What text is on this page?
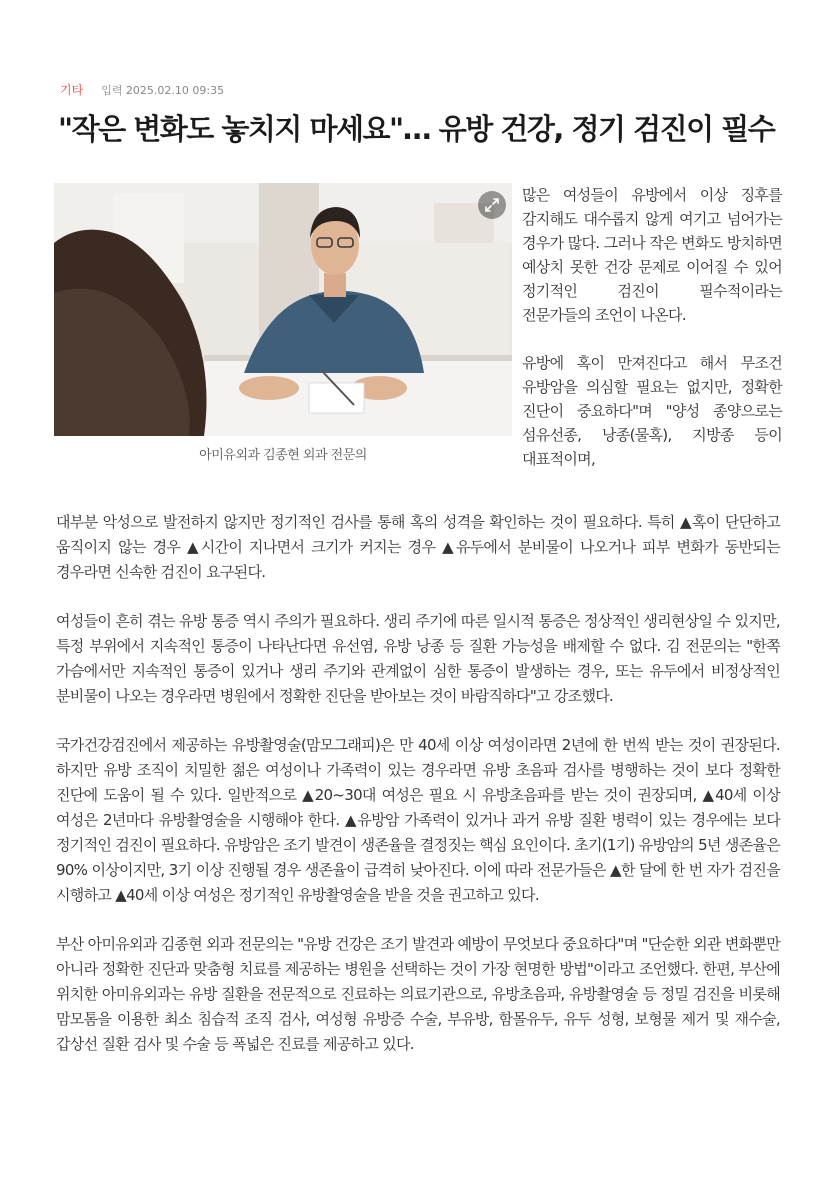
기타 입력 2025.02.10 09:35
"작은 변화도 놓치지 마세요"… 유방 건강, 정기 검진이 필수
아미유외과 김종현 외과 전문의

많은 여성들이 유방에서 이상 징후를 감지해도 대수롭지 않게 여기고 넘어가는 경우가 많다. 그러나 작은 변화도 방치하면 예상치 못한 건강 문제로 이어질 수 있어 정기적인 검진이 필수적이라는 전문가들의 조언이 나온다.

유방에 혹이 만져진다고 해서 무조건 유방암을 의심할 필요는 없지만, 정확한 진단이 중요하다"며 "양성 종양으로는 섬유선종, 낭종(물혹), 지방종 등이 대표적이며,

대부분 악성으로 발전하지 않지만 정기적인 검사를 통해 혹의 성격을 확인하는 것이 필요하다. 특히 ▲혹이 단단하고 움직이지 않는 경우 ▲시간이 지나면서 크기가 커지는 경우 ▲유두에서 분비물이 나오거나 피부 변화가 동반되는 경우라면 신속한 검진이 요구된다.

여성들이 흔히 겪는 유방 통증 역시 주의가 필요하다. 생리 주기에 따른 일시적 통증은 정상적인 생리현상일 수 있지만, 특정 부위에서 지속적인 통증이 나타난다면 유선염, 유방 낭종 등 질환 가능성을 배제할 수 없다. 김 전문의는 "한쪽 가슴에서만 지속적인 통증이 있거나 생리 주기와 관계없이 심한 통증이 발생하는 경우, 또는 유두에서 비정상적인 분비물이 나오는 경우라면 병원에서 정확한 진단을 받아보는 것이 바람직하다"고 강조했다.

국가건강검진에서 제공하는 유방촬영술(맘모그래피)은 만 40세 이상 여성이라면 2년에 한 번씩 받는 것이 권장된다. 하지만 유방 조직이 치밀한 젊은 여성이나 가족력이 있는 경우라면 유방 초음파 검사를 병행하는 것이 보다 정확한 진단에 도움이 될 수 있다. 일반적으로 ▲20~30대 여성은 필요 시 유방초음파를 받는 것이 권장되며, ▲40세 이상 여성은 2년마다 유방촬영술을 시행해야 한다. ▲유방암 가족력이 있거나 과거 유방 질환 병력이 있는 경우에는 보다 정기적인 검진이 필요하다. 유방암은 조기 발견이 생존율을 결정짓는 핵심 요인이다. 초기(1기) 유방암의 5년 생존율은 90% 이상이지만, 3기 이상 진행될 경우 생존율이 급격히 낮아진다. 이에 따라 전문가들은 ▲한 달에 한 번 자가 검진을 시행하고 ▲40세 이상 여성은 정기적인 유방촬영술을 받을 것을 권고하고 있다.

부산 아미유외과 김종현 외과 전문의는 "유방 건강은 조기 발견과 예방이 무엇보다 중요하다"며 "단순한 외관 변화뿐만 아니라 정확한 진단과 맞춤형 치료를 제공하는 병원을 선택하는 것이 가장 현명한 방법"이라고 조언했다. 한편, 부산에 위치한 아미유외과는 유방 질환을 전문적으로 진료하는 의료기관으로, 유방초음파, 유방촬영술 등 정밀 검진을 비롯해 맘모톰을 이용한 최소 침습적 조직 검사, 여성형 유방증 수술, 부유방, 함몰유두, 유두 성형, 보형물 제거 및 재수술, 갑상선 질환 검사 및 수술 등 폭넓은 진료를 제공하고 있다.
